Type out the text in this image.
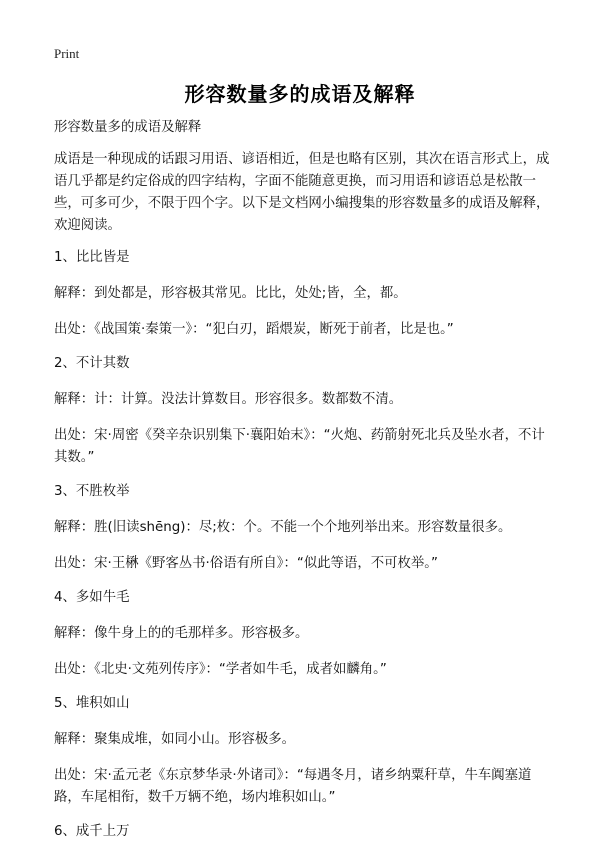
Print
形容数量多的成语及解释

形容数量多的成语及解释

成语是一种现成的话跟习用语、谚语相近，但是也略有区别，其次在语言形式上，成语几乎都是约定俗成的四字结构，字面不能随意更换，而习用语和谚语总是松散一些，可多可少，不限于四个字。以下是文档网小编搜集的形容数量多的成语及解释，欢迎阅读。

1、比比皆是

解释：到处都是，形容极其常见。比比，处处;皆，全，都。

出处：《战国策·秦策一》：“犯白刃，蹈煨炭，断死于前者，比是也。”

2、不计其数

解释：计：计算。没法计算数目。形容很多。数都数不清。

出处：宋·周密《癸辛杂识别集下·襄阳始末》：“火炮、药箭射死北兵及坠水者，不计其数。”

3、不胜枚举

解释：胜(旧读shēng)：尽;枚：个。不能一个个地列举出来。形容数量很多。

出处：宋·王楙《野客丛书·俗语有所自》：“似此等语，不可枚举。”

4、多如牛毛

解释：像牛身上的的毛那样多。形容极多。

出处：《北史·文苑列传序》：“学者如牛毛，成者如麟角。”

5、堆积如山

解释：聚集成堆，如同小山。形容极多。

出处：宋·孟元老《东京梦华录·外诸司》：“每遇冬月，诸乡纳粟秆草，牛车阗塞道路，车尾相衔，数千万辆不绝，场内堆积如山。”

6、成千上万
